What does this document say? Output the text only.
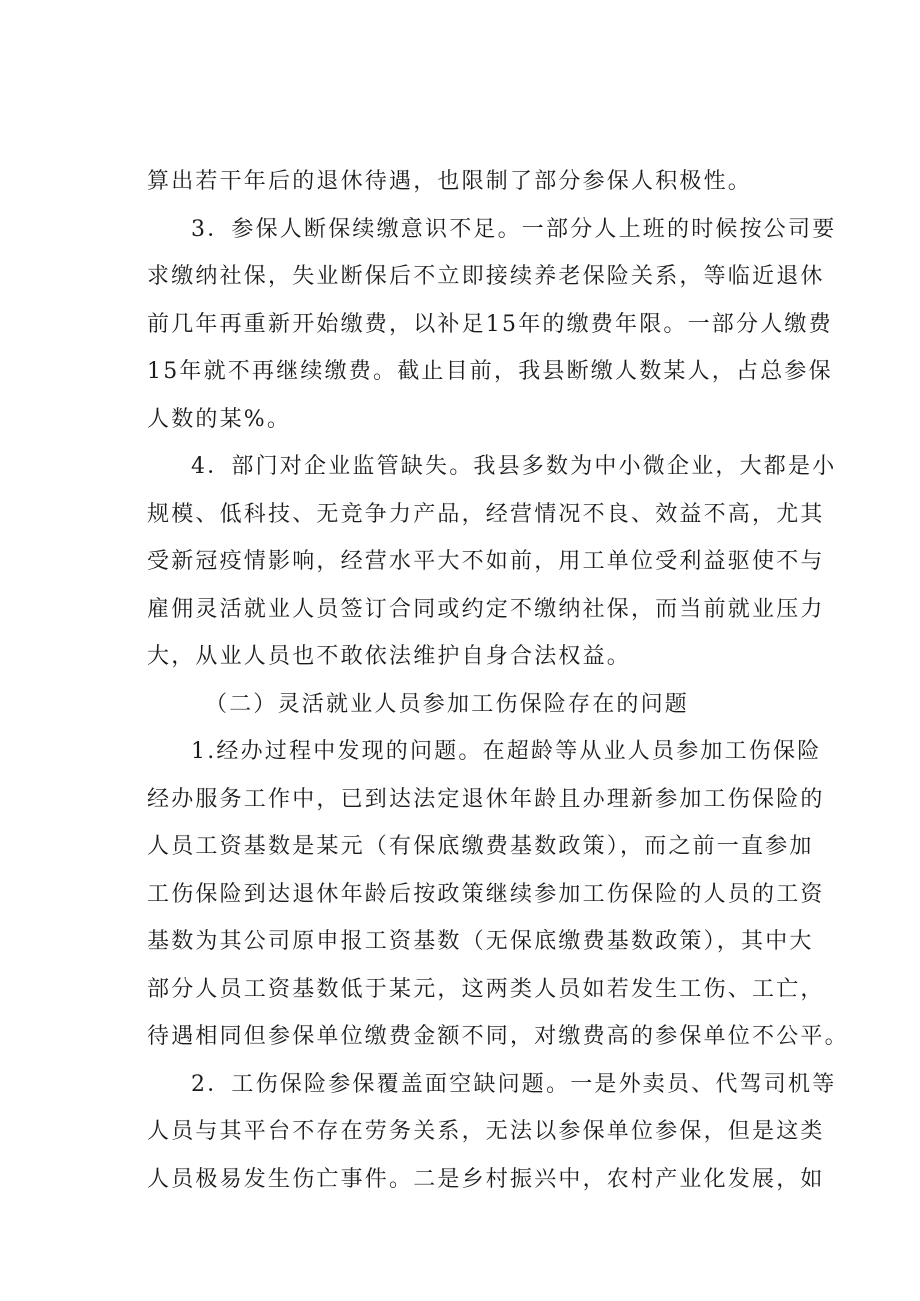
算出若干年后的退休待遇，也限制了部分参保人积极性。
3．参保人断保续缴意识不足。一部分人上班的时候按公司要
求缴纳社保，失业断保后不立即接续养老保险关系，等临近退休
前几年再重新开始缴费，以补足15年的缴费年限。一部分人缴费
15年就不再继续缴费。截止目前，我县断缴人数某人，占总参保
人数的某%。
4．部门对企业监管缺失。我县多数为中小微企业，大都是小
规模、低科技、无竞争力产品，经营情况不良、效益不高，尤其
受新冠疫情影响，经营水平大不如前，用工单位受利益驱使不与
雇佣灵活就业人员签订合同或约定不缴纳社保，而当前就业压力
大，从业人员也不敢依法维护自身合法权益。
（二）灵活就业人员参加工伤保险存在的问题
1.经办过程中发现的问题。在超龄等从业人员参加工伤保险
经办服务工作中，已到达法定退休年龄且办理新参加工伤保险的
人员工资基数是某元（有保底缴费基数政策），而之前一直参加
工伤保险到达退休年龄后按政策继续参加工伤保险的人员的工资
基数为其公司原申报工资基数（无保底缴费基数政策），其中大
部分人员工资基数低于某元，这两类人员如若发生工伤、工亡，
待遇相同但参保单位缴费金额不同，对缴费高的参保单位不公平。
2．工伤保险参保覆盖面空缺问题。一是外卖员、代驾司机等
人员与其平台不存在劳务关系，无法以参保单位参保，但是这类
人员极易发生伤亡事件。二是乡村振兴中，农村产业化发展，如
